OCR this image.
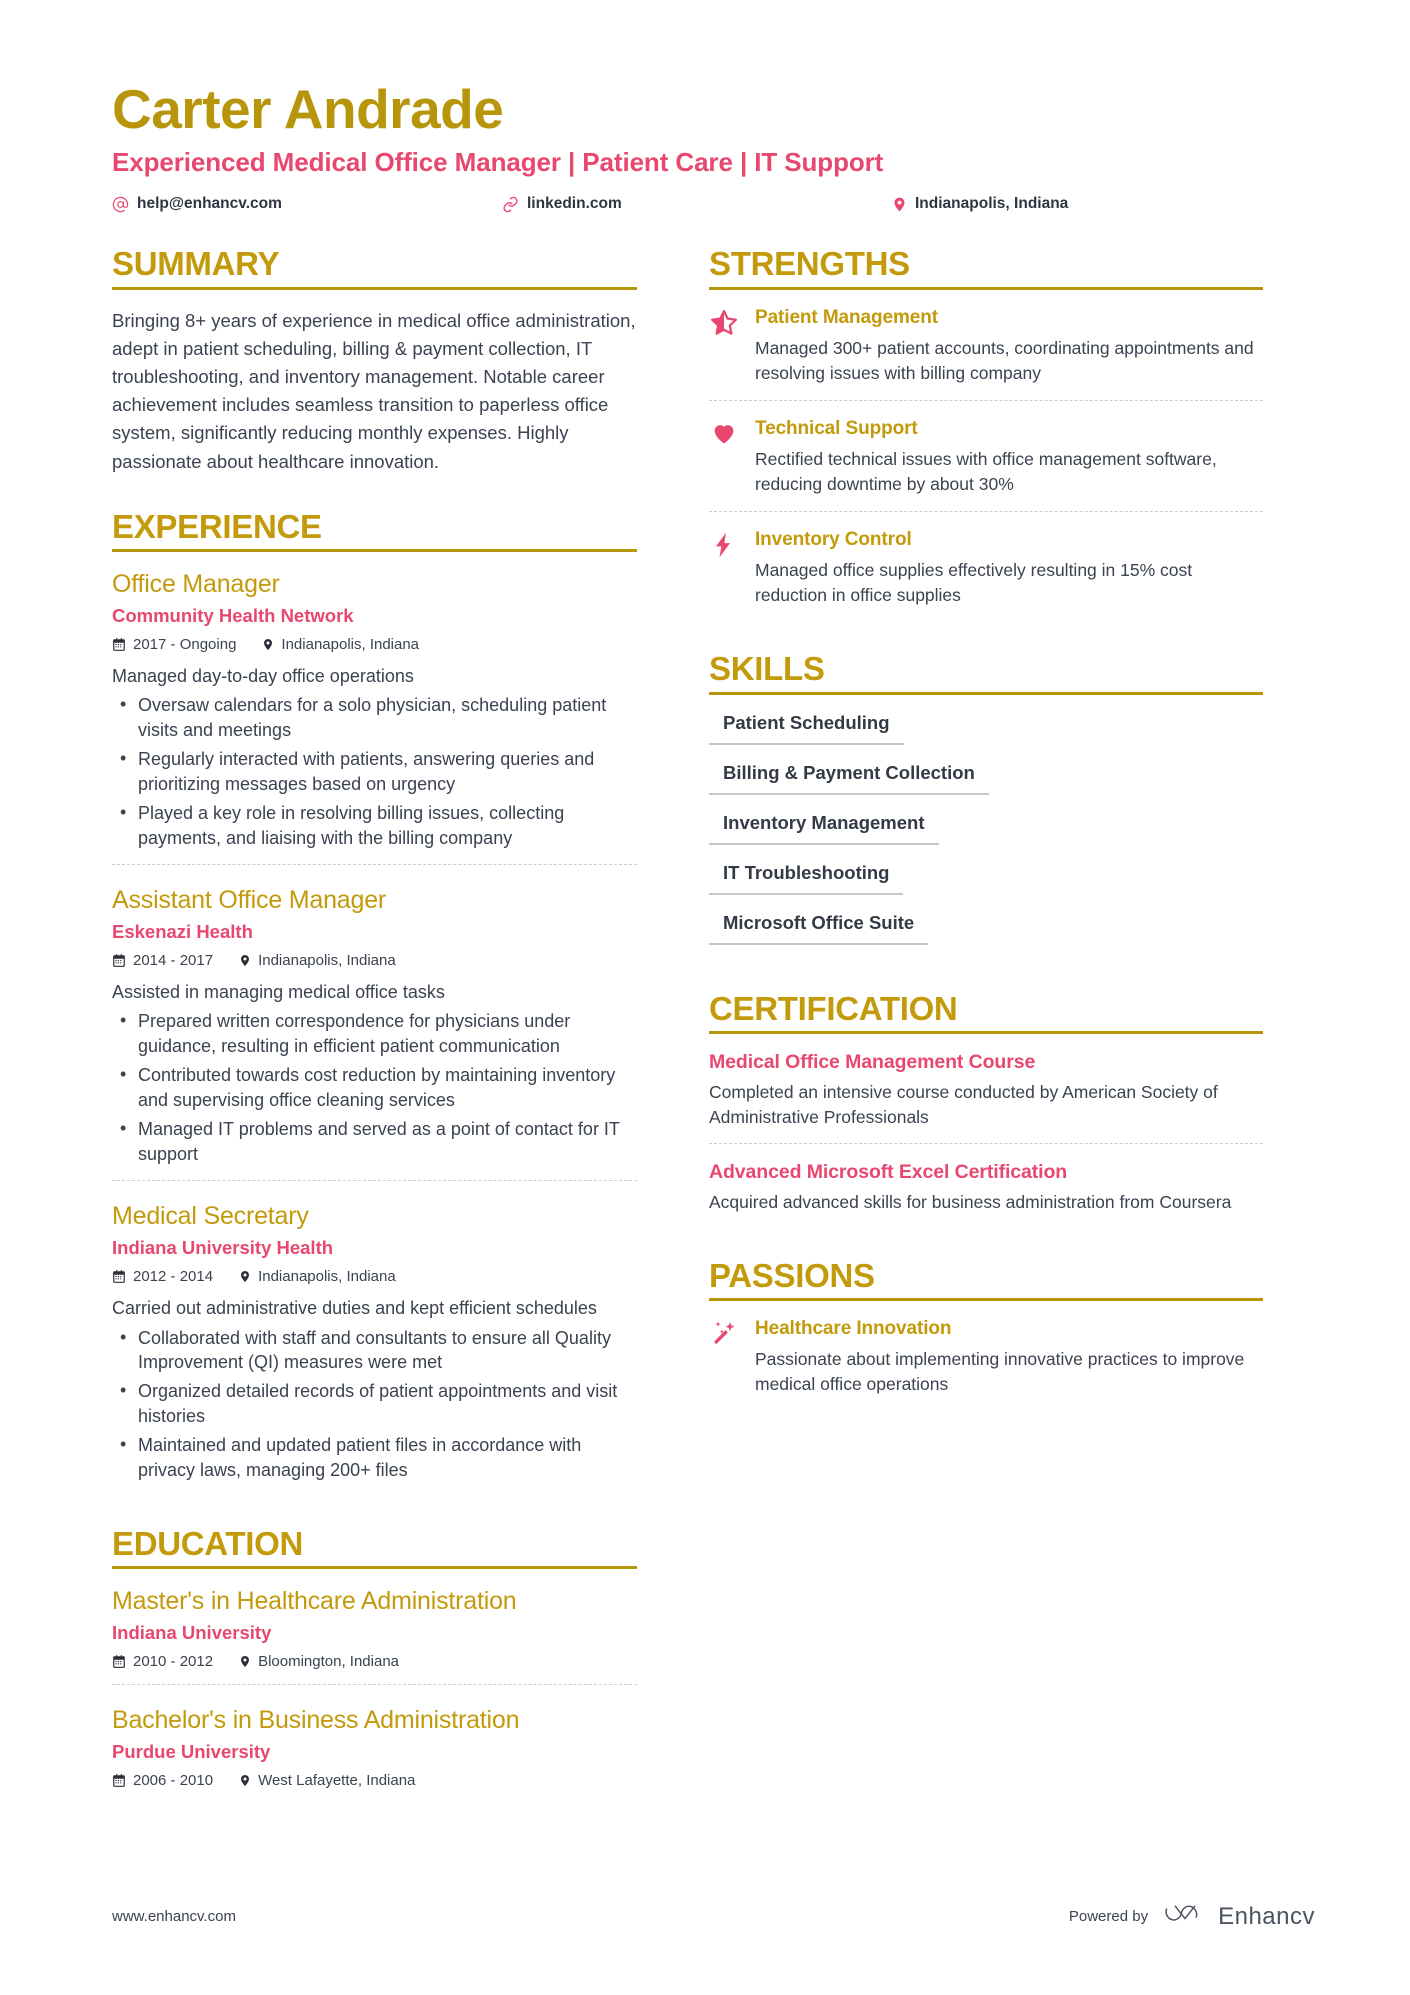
Carter Andrade
Experienced Medical Office Manager | Patient Care | IT Support
help@enhancv.com	linkedin.com	Indianapolis, Indiana
SUMMARY
Bringing 8+ years of experience in medical office administration, adept in patient scheduling, billing & payment collection, IT troubleshooting, and inventory management. Notable career achievement includes seamless transition to paperless office system, significantly reducing monthly expenses. Highly passionate about healthcare innovation.
EXPERIENCE
Office Manager
Community Health Network
2017 - Ongoing	Indianapolis, Indiana
Managed day-to-day office operations
• Oversaw calendars for a solo physician, scheduling patient visits and meetings
• Regularly interacted with patients, answering queries and prioritizing messages based on urgency
• Played a key role in resolving billing issues, collecting payments, and liaising with the billing company
Assistant Office Manager
Eskenazi Health
2014 - 2017	Indianapolis, Indiana
Assisted in managing medical office tasks
• Prepared written correspondence for physicians under guidance, resulting in efficient patient communication
• Contributed towards cost reduction by maintaining inventory and supervising office cleaning services
• Managed IT problems and served as a point of contact for IT support
Medical Secretary
Indiana University Health
2012 - 2014	Indianapolis, Indiana
Carried out administrative duties and kept efficient schedules
• Collaborated with staff and consultants to ensure all Quality Improvement (QI) measures were met
• Organized detailed records of patient appointments and visit histories
• Maintained and updated patient files in accordance with privacy laws, managing 200+ files
EDUCATION
Master's in Healthcare Administration
Indiana University
2010 - 2012	Bloomington, Indiana
Bachelor's in Business Administration
Purdue University
2006 - 2010	West Lafayette, Indiana
STRENGTHS
Patient Management
Managed 300+ patient accounts, coordinating appointments and resolving issues with billing company
Technical Support
Rectified technical issues with office management software, reducing downtime by about 30%
Inventory Control
Managed office supplies effectively resulting in 15% cost reduction in office supplies
SKILLS
Patient Scheduling
Billing & Payment Collection
Inventory Management
IT Troubleshooting
Microsoft Office Suite
CERTIFICATION
Medical Office Management Course
Completed an intensive course conducted by American Society of Administrative Professionals
Advanced Microsoft Excel Certification
Acquired advanced skills for business administration from Coursera
PASSIONS
Healthcare Innovation
Passionate about implementing innovative practices to improve medical office operations
www.enhancv.com	Powered by	Enhancv
